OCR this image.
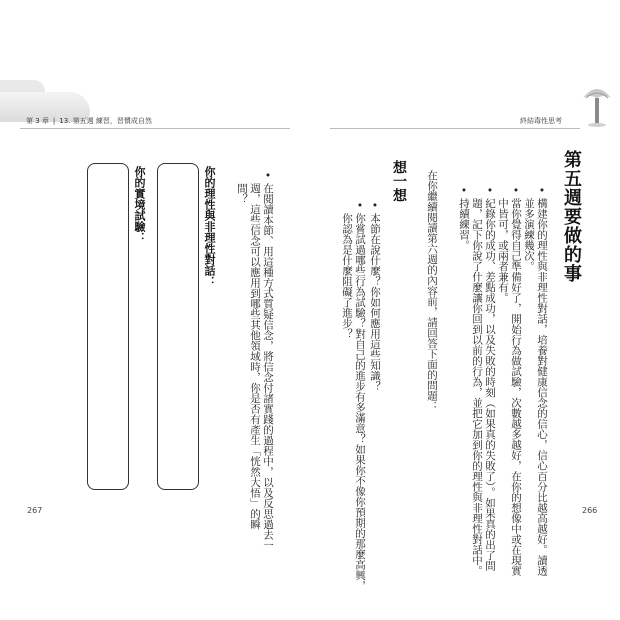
第 3 章 | 13. 第五週 練習，習慣成自然	終結毒性思考
第五週要做的事
•
構建你的理性與非理性對話，培養對健康信念的信心，信心百分比越高越好。讀透
並多演練幾次。
•
當你覺得自己準備好了，開始行為做試驗，次數越多越好，在你的想像中或在現實
中皆可，或兩者兼有。
•
紀錄你的成功、差點成功，以及失敗的時刻（如果真的失敗了）。如果真的出了問
題，記下你說了什麼讓你回到以前的行為，並把它加到你的理性與非理性對話中。
•
持續練習。
在你繼續閱讀第六週的內容前，請回答下面的問題：
想一想
•
本節在說什麼？你如何應用這些知識？
•
你嘗試過哪些行為試驗？對自己的進步有多滿意？如果你不像你預期的那麼高興，
你認為是什麼阻礙了進步？
266
•
在閱讀本節、用這種方式質疑信念，將信念付諸實踐的過程中，以及反思過去一
週，這些信念可以應用到哪些其他領域時，你是否有產生「恍然大悟」的瞬
間？
你的理性與非理性對話：
你的實境試驗：
267
